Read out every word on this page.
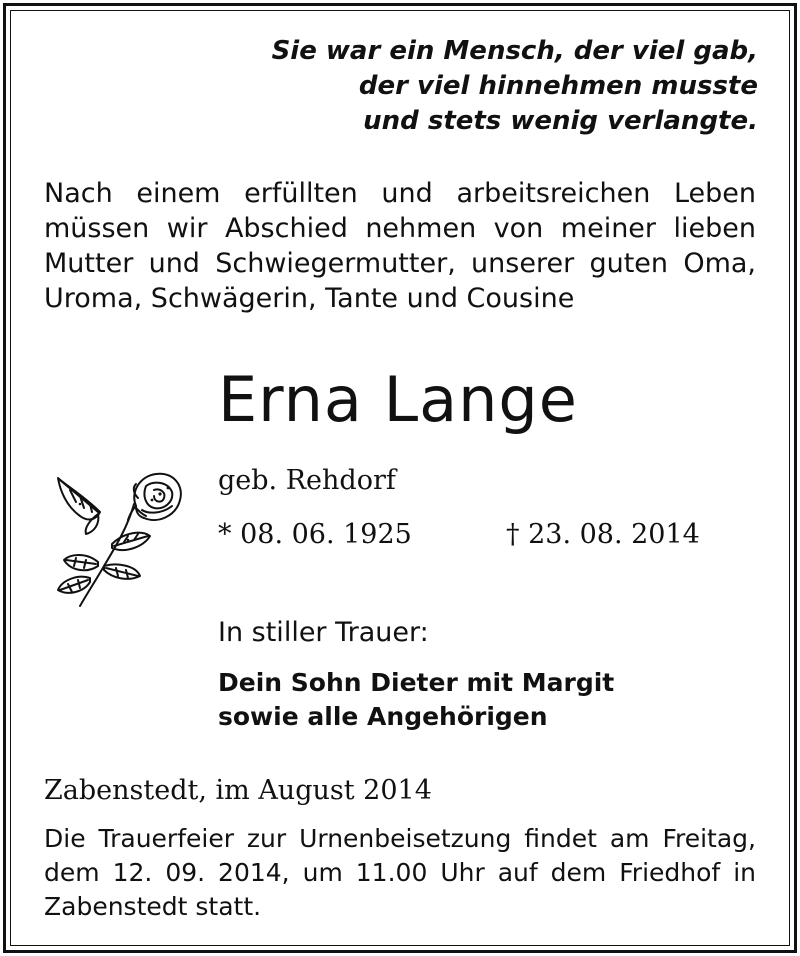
Sie war ein Mensch, der viel gab,
der viel hinnehmen musste
und stets wenig verlangte.
Nach einem erfüllten und arbeitsreichen Leben
müssen wir Abschied nehmen von meiner lieben
Mutter und Schwiegermutter, unserer guten Oma,
Uroma, Schwägerin, Tante und Cousine
Erna Lange
geb. Rehdorf
* 08. 06. 1925	† 23. 08. 2014
In stiller Trauer:
Dein Sohn Dieter mit Margit
sowie alle Angehörigen
Zabenstedt, im August 2014
Die Trauerfeier zur Urnenbeisetzung findet am Freitag,
dem 12. 09. 2014, um 11.00 Uhr auf dem Friedhof in
Zabenstedt statt.
